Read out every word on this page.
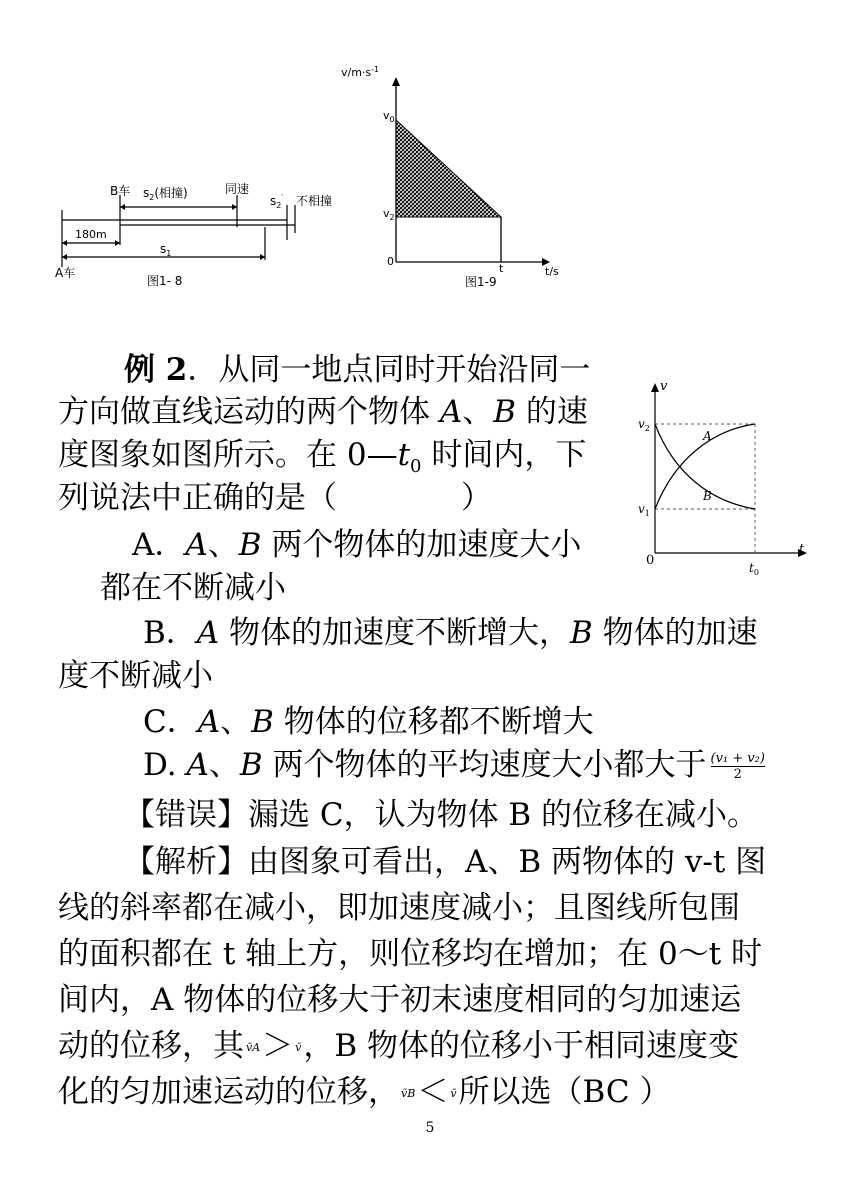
B车 $s_2$(相撞)	同速
$s_2'$ 不相撞
180m
$s_1$
A车
图1- 8
$v/m\cdot s^{-1}$
$v_0$
$v_2$
0
t	t/s
图1-9
v
$v_2$
$v_1$
A
B
0
t
$t_0$
例 2．从同一地点同时开始沿同一
方向做直线运动的两个物体 A、B 的速
度图象如图所示。在 $0—t_0$ 时间内，下
列说法中正确的是（　　　　）
A．A、B 两个物体的加速度大小
都在不断减小
B．A 物体的加速度不断增大，B 物体的加速
度不断减小
C．A、B 物体的位移都不断增大
D. A、B 两个物体的平均速度大小都大于 $\frac{\text{(v₁ + v₂)}}{2}$
【错误】漏选 C，认为物体 B 的位移在减小。
【解析】由图象可看出，A、B 两物体的 v-t 图
线的斜率都在减小，即加速度减小；且图线所包围
的面积都在 t 轴上方，则位移均在增加；在 0～t 时
间内，A 物体的位移大于初末速度相同的匀加速运
动的位移，其 v̄A＞ v̄，B 物体的位移小于相同速度变
化的匀加速运动的位移， v̄B＜ v̄所以选（BC ）
5
